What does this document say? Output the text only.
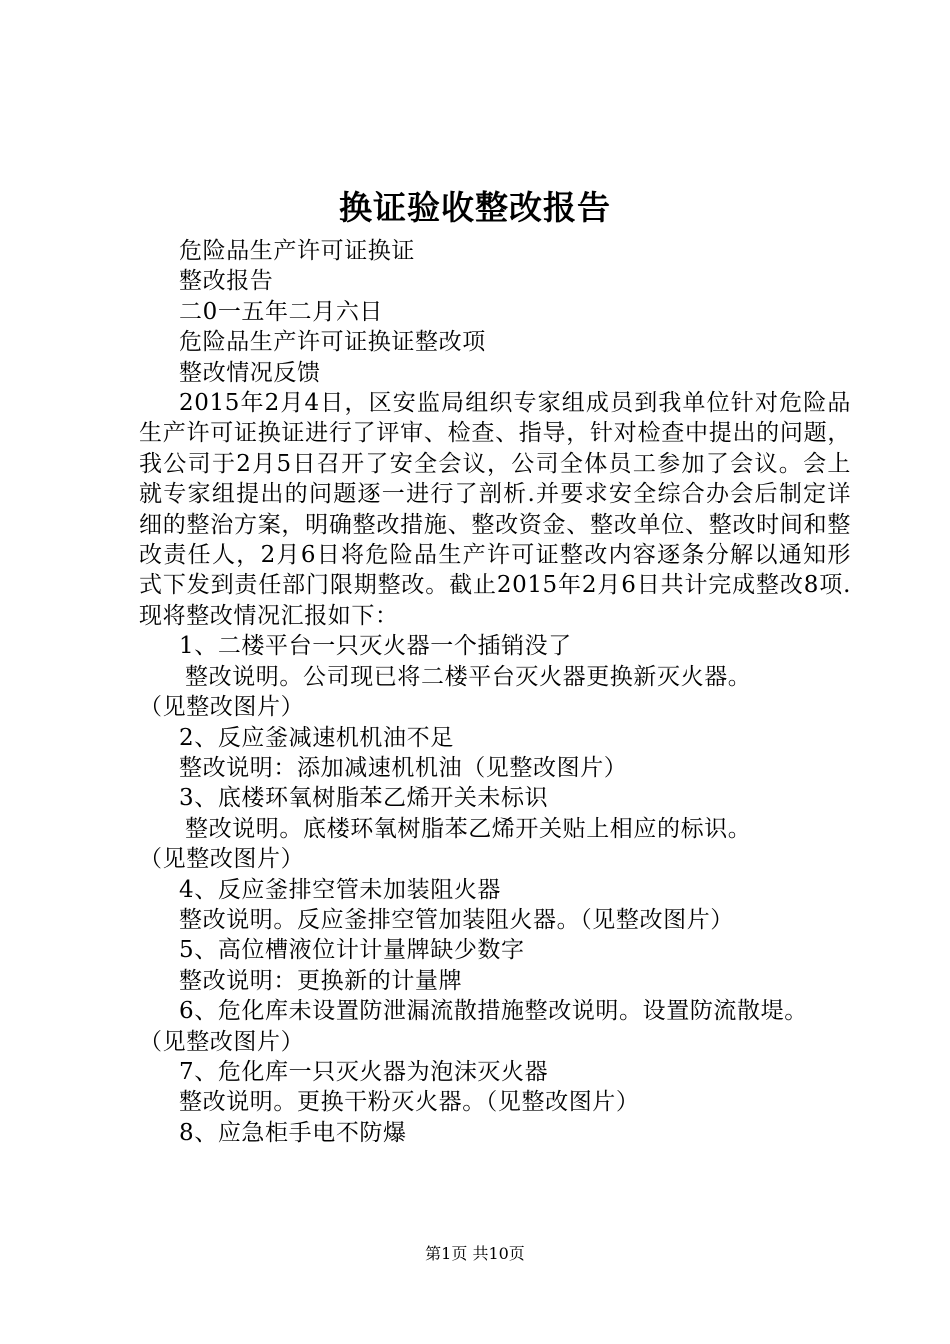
换证验收整改报告
危险品生产许可证换证
整改报告
二0一五年二月六日
危险品生产许可证换证整改项
整改情况反馈

2015年2月4日，区安监局组织专家组成员到我单位针对危险品生产许可证换证进行了评审、检查、指导，针对检查中提出的问题，我公司于2月5日召开了安全会议，公司全体员工参加了会议。会上就专家组提出的问题逐一进行了剖析.并要求安全综合办会后制定详细的整治方案，明确整改措施、整改资金、整改单位、整改时间和整改责任人，2月6日将危险品生产许可证整改内容逐条分解以通知形式下发到责任部门限期整改。截止2015年2月6日共计完成整改8项.现将整改情况汇报如下：

1、二楼平台一只灭火器一个插销没了
整改说明。公司现已将二楼平台灭火器更换新灭火器。
（见整改图片）
2、反应釜减速机机油不足
整改说明：添加减速机机油（见整改图片）
3、底楼环氧树脂苯乙烯开关未标识
整改说明。底楼环氧树脂苯乙烯开关贴上相应的标识。
（见整改图片）
4、反应釜排空管未加装阻火器
整改说明。反应釜排空管加装阻火器。（见整改图片）
5、高位槽液位计计量牌缺少数字
整改说明：更换新的计量牌
6、危化库未设置防泄漏流散措施整改说明。设置防流散堤。
（见整改图片）
7、危化库一只灭火器为泡沫灭火器
整改说明。更换干粉灭火器。（见整改图片）
8、应急柜手电不防爆
第1页 共10页
